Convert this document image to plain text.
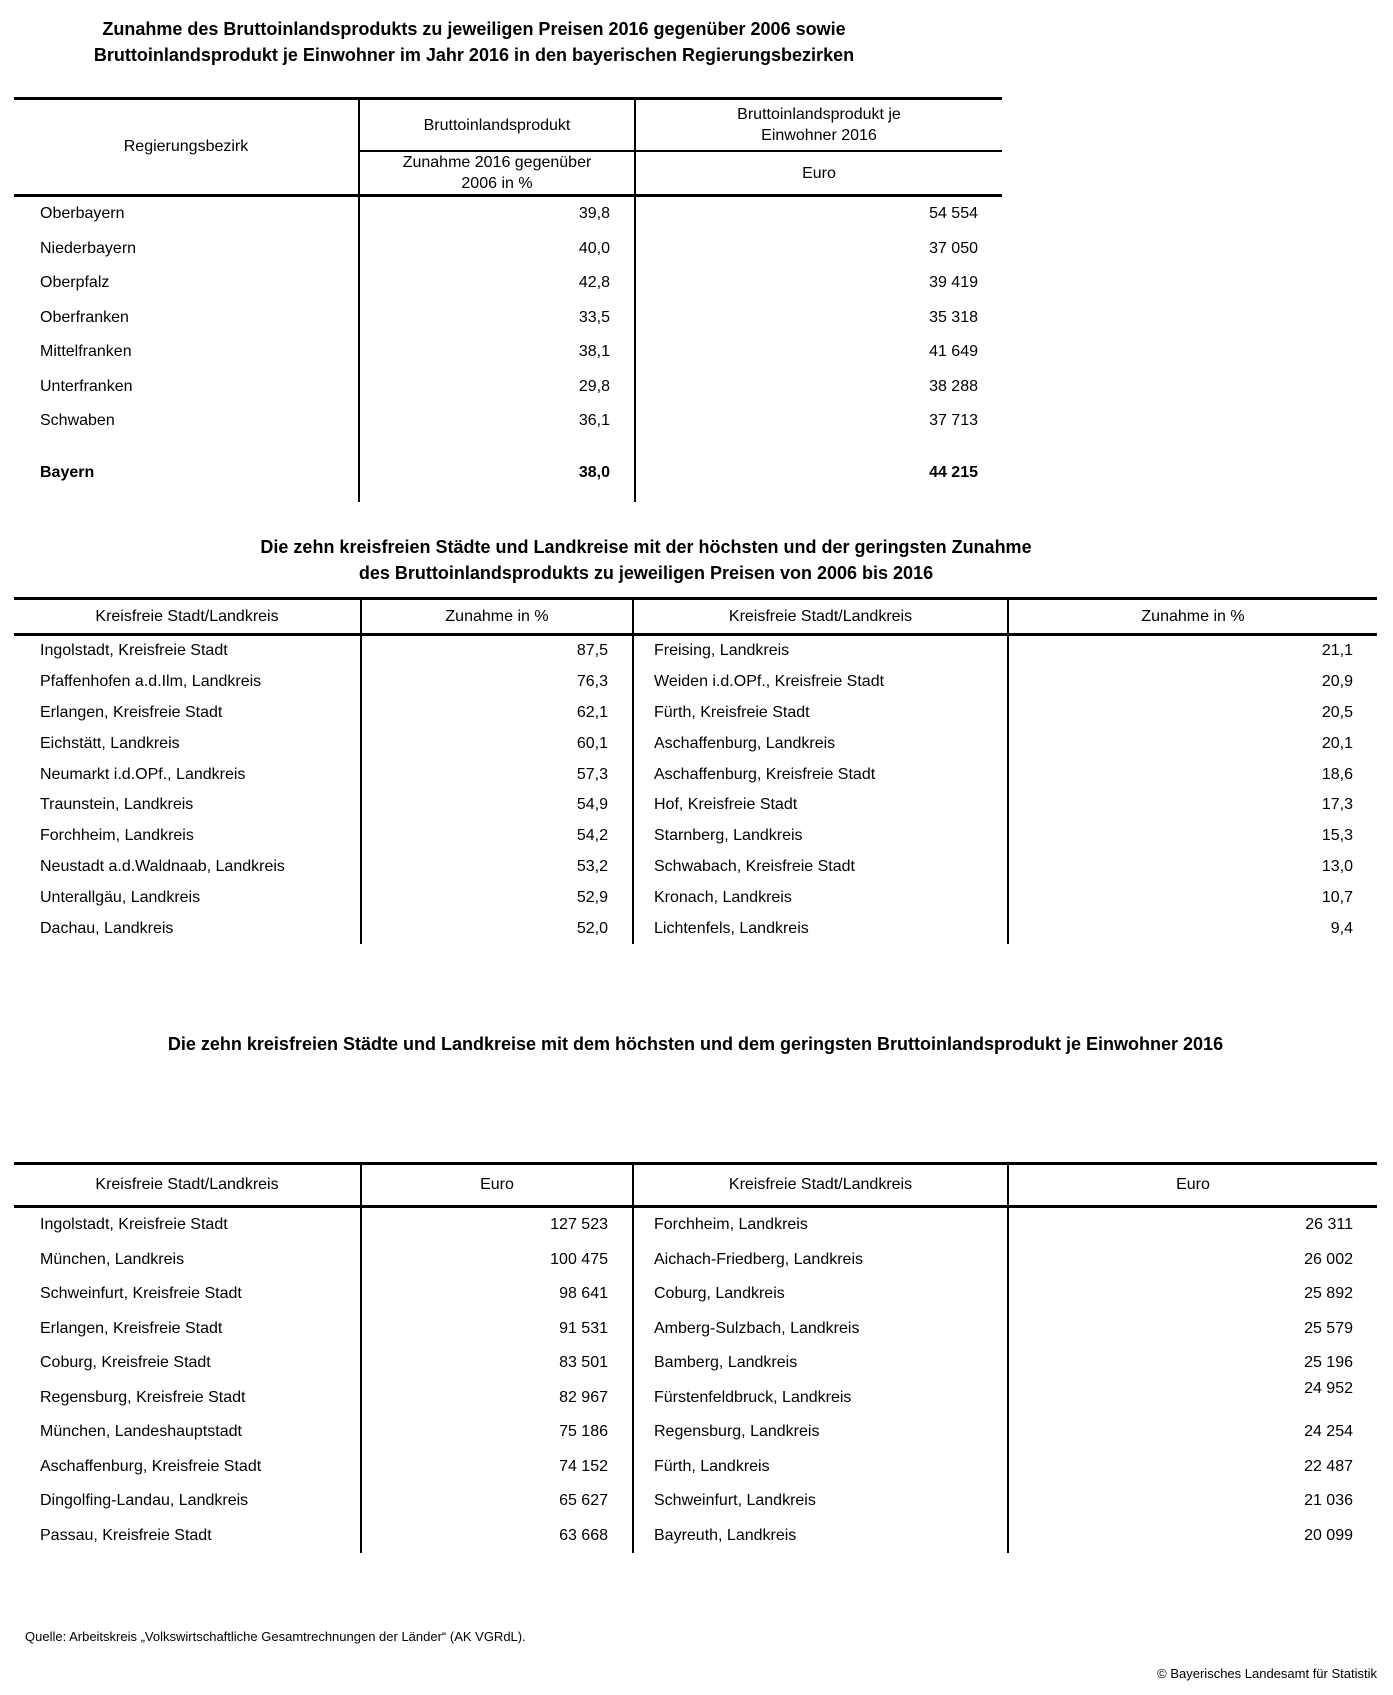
Zunahme des Bruttoinlandsprodukts zu jeweiligen Preisen 2016 gegenüber 2006 sowie
Bruttoinlandsprodukt je Einwohner im Jahr 2016 in den bayerischen Regierungsbezirken
Regierungsbezirk
Bruttoinlandsprodukt
Zunahme 2016 gegenüber
2006 in %
Bruttoinlandsprodukt je
Einwohner 2016
Euro
Oberbayern	39,8	54 554
Niederbayern	40,0	37 050
Oberpfalz	42,8	39 419
Oberfranken	33,5	35 318
Mittelfranken	38,1	41 649
Unterfranken	29,8	38 288
Schwaben	36,1	37 713
Bayern	38,0	44 215
Die zehn kreisfreien Städte und Landkreise mit der höchsten und der geringsten Zunahme
des Bruttoinlandsprodukts zu jeweiligen Preisen von 2006 bis 2016
Kreisfreie Stadt/Landkreis	Zunahme in %	Kreisfreie Stadt/Landkreis	Zunahme in %
Ingolstadt, Kreisfreie Stadt	87,5	Freising, Landkreis	21,1
Pfaffenhofen a.d.Ilm, Landkreis	76,3	Weiden i.d.OPf., Kreisfreie Stadt	20,9
Erlangen, Kreisfreie Stadt	62,1	Fürth, Kreisfreie Stadt	20,5
Eichstätt, Landkreis	60,1	Aschaffenburg, Landkreis	20,1
Neumarkt i.d.OPf., Landkreis	57,3	Aschaffenburg, Kreisfreie Stadt	18,6
Traunstein, Landkreis	54,9	Hof, Kreisfreie Stadt	17,3
Forchheim, Landkreis	54,2	Starnberg, Landkreis	15,3
Neustadt a.d.Waldnaab, Landkreis	53,2	Schwabach, Kreisfreie Stadt	13,0
Unterallgäu, Landkreis	52,9	Kronach, Landkreis	10,7
Dachau, Landkreis	52,0	Lichtenfels, Landkreis	9,4
Die zehn kreisfreien Städte und Landkreise mit dem höchsten und dem geringsten Bruttoinlandsprodukt je Einwohner 2016
Kreisfreie Stadt/Landkreis	Euro	Kreisfreie Stadt/Landkreis	Euro
Ingolstadt, Kreisfreie Stadt	127 523	Forchheim, Landkreis	26 311
München, Landkreis	100 475	Aichach-Friedberg, Landkreis	26 002
Schweinfurt, Kreisfreie Stadt	98 641	Coburg, Landkreis	25 892
Erlangen, Kreisfreie Stadt	91 531	Amberg-Sulzbach, Landkreis	25 579
Coburg, Kreisfreie Stadt	83 501	Bamberg, Landkreis	25 196
Regensburg, Kreisfreie Stadt	82 967	Fürstenfeldbruck, Landkreis
24 952
München, Landeshauptstadt	75 186	Regensburg, Landkreis	24 254
Aschaffenburg, Kreisfreie Stadt	74 152	Fürth, Landkreis	22 487
Dingolfing-Landau, Landkreis	65 627	Schweinfurt, Landkreis	21 036
Passau, Kreisfreie Stadt	63 668	Bayreuth, Landkreis	20 099
Quelle: Arbeitskreis „Volkswirtschaftliche Gesamtrechnungen der Länder“ (AK VGRdL).
© Bayerisches Landesamt für Statistik
